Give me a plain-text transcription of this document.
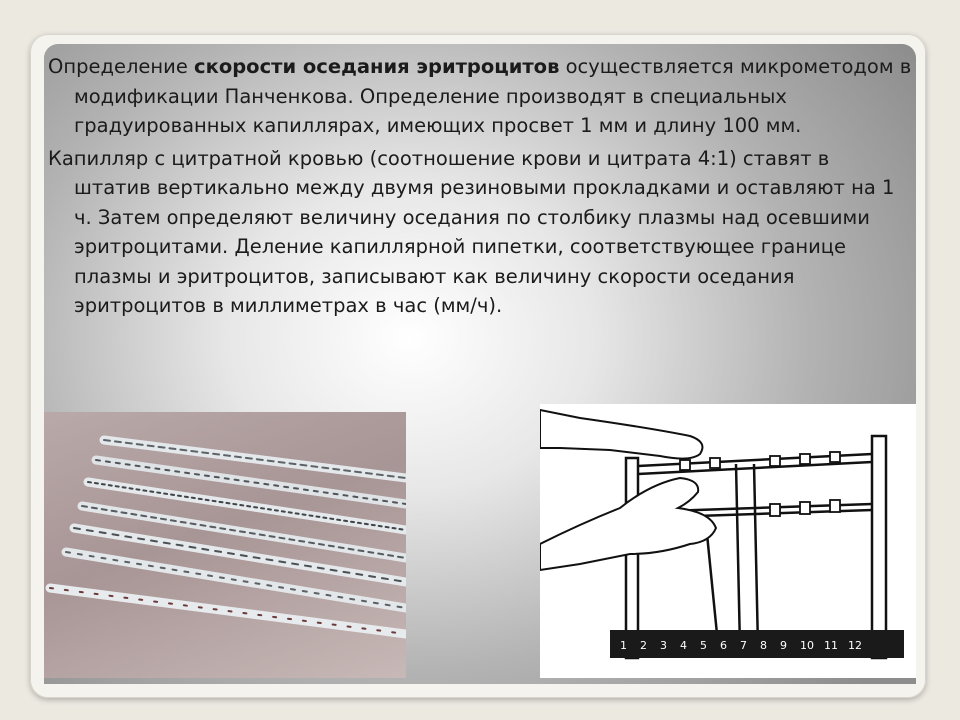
Определение скорости оседания эритроцитов осуществляется микрометодом в модификации Панченкова. Определение производят в специальных градуированных капиллярах, имеющих просвет 1 мм и длину 100 мм.

Капилляр с цитратной кровью (соотношение крови и цитрата 4:1) ставят в штатив вертикально между двумя резиновыми прокладками и оставляют на 1 ч. Затем определяют величину оседания по столбику плазмы над осевшими эритроцитами. Деление капиллярной пипетки, соответствующее границе плазмы и эритроцитов, записывают как величину скорости оседания эритроцитов в миллиметрах в час (мм/ч).

1 2 3 4 5 6 7 8 9 10 11 12
